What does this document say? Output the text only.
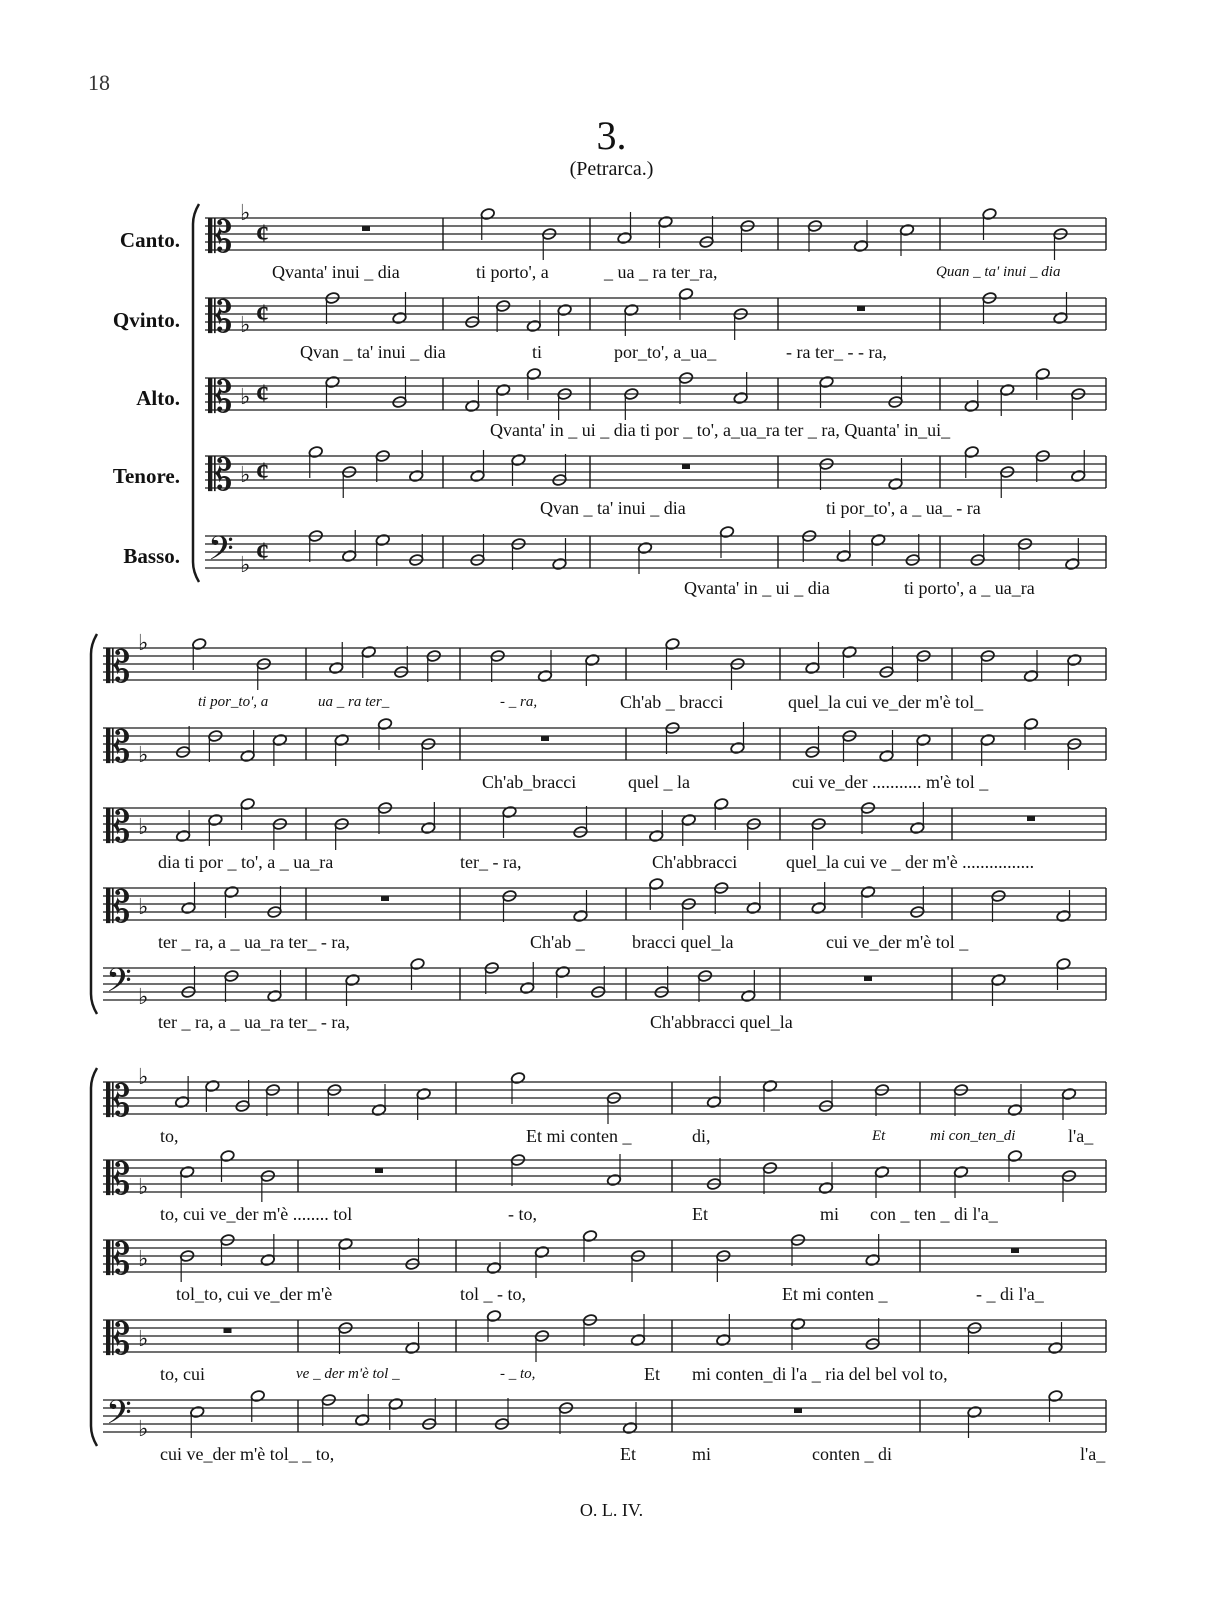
18
3.
(Petrarca.)
Canto.
Qvinto.
Alto.
Tenore.
Basso.
𝄡 ♭
¢
𝄡 ♭ ¢
𝄡 ♭ ¢
𝄡 ♭ ¢
𝄢 ♭ ¢
𝄡 ♭
𝄡 ♭
𝄡 ♭
𝄡 ♭
𝄢 ♭
𝄡 ♭
𝄡 ♭
𝄡 ♭
𝄡 ♭
𝄢 ♭
Qvanta' inui _ dia	ti porto', a	_ ua _ ra ter_ra,	Quan _ ta' inui _ dia
Qvan _ ta' inui _ dia	ti	por_to', a_ua_	- ra ter_ - - ra,
Qvanta' in _ ui _ dia ti por _ to', a_ua_ra ter _ ra, Quanta' in_ui_
Qvan _ ta' inui _ dia	ti por_to', a _ ua_ - ra
Qvanta' in _ ui _ dia	ti porto', a _ ua_ra
ti por_to', a	ua _ ra ter_	- _ ra,	Ch'ab _ bracci	quel_la cui ve_der m'è tol_
Ch'ab_bracci	quel _ la	cui ve_der ........... m'è tol _
dia ti por _ to', a _ ua_ra	ter_ - ra,	Ch'abbracci	quel_la cui ve _ der m'è ................
ter _ ra, a _ ua_ra ter_ - ra,	Ch'ab _	bracci quel_la	cui ve_der m'è tol _
ter _ ra, a _ ua_ra ter_ - ra,	Ch'abbracci quel_la
to,	Et mi conten _	di,	Et	mi con_ten_di	l'a_
to, cui ve_der m'è ........ tol	- to,	Et	mi con _ ten _ di l'a_
tol_to, cui ve_der m'è	tol _ - to,	Et mi conten _	- _ di l'a_
to, cui	ve _ der m'è tol _	- _ to,	Et mi conten_di l'a _ ria del bel vol to,
cui ve_der m'è tol_ _ to,	Et	mi	conten _ di	l'a_
O. L. IV.
